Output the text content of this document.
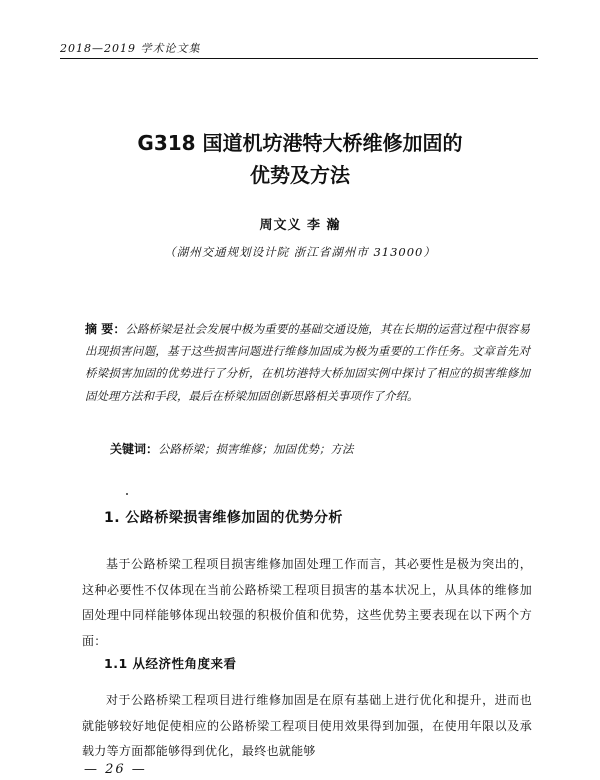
2018—2019 学术论文集
G318 国道机坊港特大桥维修加固的
优势及方法
周文义 李 瀚
（湖州交通规划设计院 浙江省湖州市 313000）
摘 要：公路桥梁是社会发展中极为重要的基础交通设施，其在长期的运营过程中很容易出现损害问题，基于这些损害问题进行维修加固成为极为重要的工作任务。文章首先对桥梁损害加固的优势进行了分析，在机坊港特大桥加固实例中探讨了相应的损害维修加固处理方法和手段，最后在桥梁加固创新思路相关事项作了介绍。
关键词：公路桥梁；损害维修；加固优势；方法
1. 公路桥梁损害维修加固的优势分析
基于公路桥梁工程项目损害维修加固处理工作而言，其必要性是极为突出的，这种必要性不仅体现在当前公路桥梁工程项目损害的基本状况上，从具体的维修加固处理中同样能够体现出较强的积极价值和优势，这些优势主要表现在以下两个方面：
1.1 从经济性角度来看
对于公路桥梁工程项目进行维修加固是在原有基础上进行优化和提升，进而也就能够较好地促使相应的公路桥梁工程项目使用效果得到加强，在使用年限以及承载力等方面都能够得到优化，最终也就能够
— 26 —
